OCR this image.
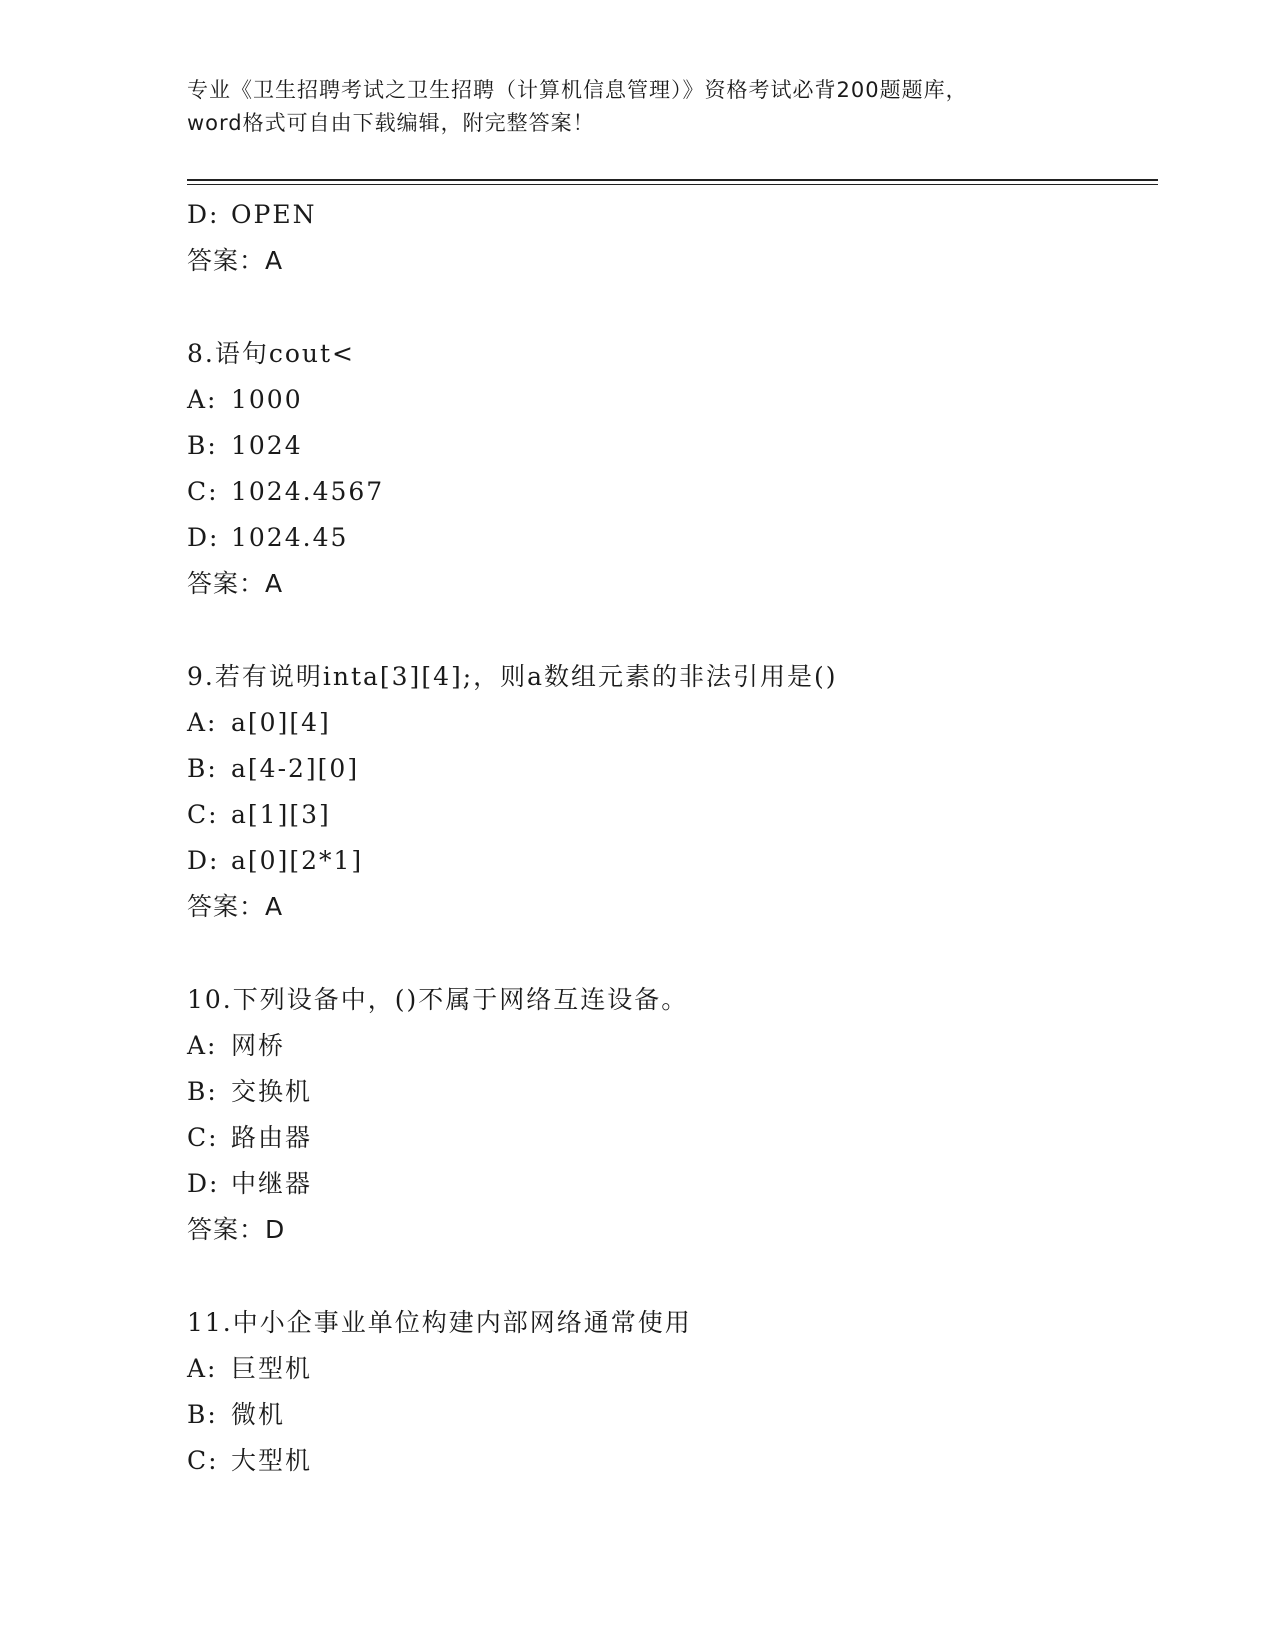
专业《卫生招聘考试之卫生招聘（计算机信息管理）》资格考试必背200题题库，
word格式可自由下载编辑，附完整答案！
D: OPEN
答案：A
8.语句cout<
A: 1000
B: 1024
C: 1024.4567
D: 1024.45
答案：A
9.若有说明inta[3][4];，则a数组元素的非法引用是()
A: a[0][4]
B: a[4-2][0]
C: a[1][3]
D: a[0][2*1]
答案：A
10.下列设备中，()不属于网络互连设备。
A: 网桥
B: 交换机
C: 路由器
D: 中继器
答案：D
11.中小企事业单位构建内部网络通常使用
A: 巨型机
B: 微机
C: 大型机
